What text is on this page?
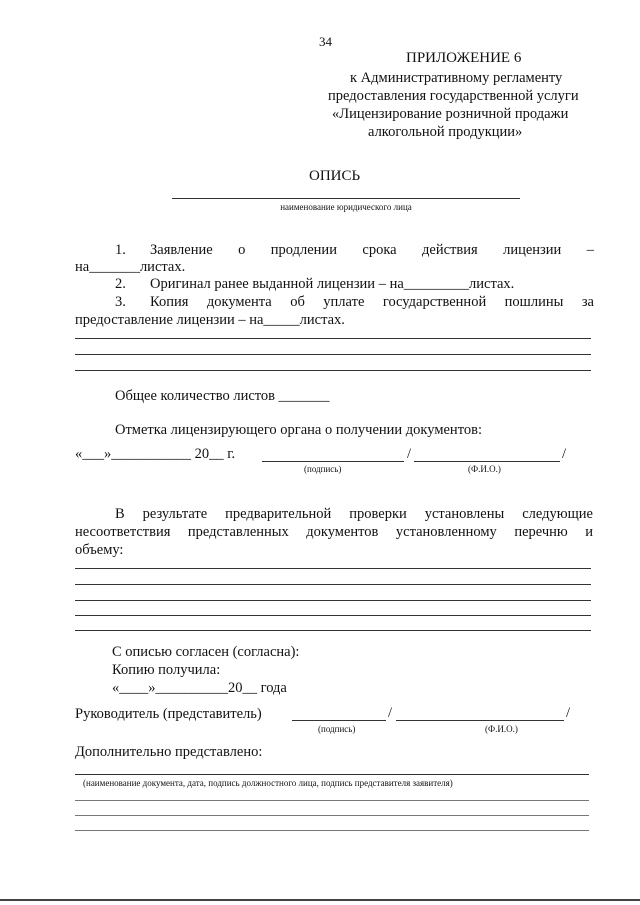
34
ПРИЛОЖЕНИЕ 6
к Административному регламенту
предоставления государственной услуги
«Лицензирование розничной продажи
алкогольной продукции»
ОПИСЬ
наименование юридического лица
1. Заявление о продлении срока действия лицензии –
на_______листах.
2. Оригинал ранее выданной лицензии – на_________листах.
3. Копия документа об уплате государственной пошлины за
предоставление лицензии – на_____листах.
Общее количество листов _______
Отметка лицензирующего органа о получении документов:
«___»___________ 20__ г.	/	/
(подпись)	(Ф.И.О.)
В результате предварительной проверки установлены следующие
несоответствия представленных документов установленному перечню и
объему:
С описью согласен (согласна):
Копию получила:
«____»__________20__ года
Руководитель (представитель)	/	/
(подпись)	(Ф.И.О.)
Дополнительно представлено:
(наименование документа, дата, подпись должностного лица, подпись представителя заявителя)
